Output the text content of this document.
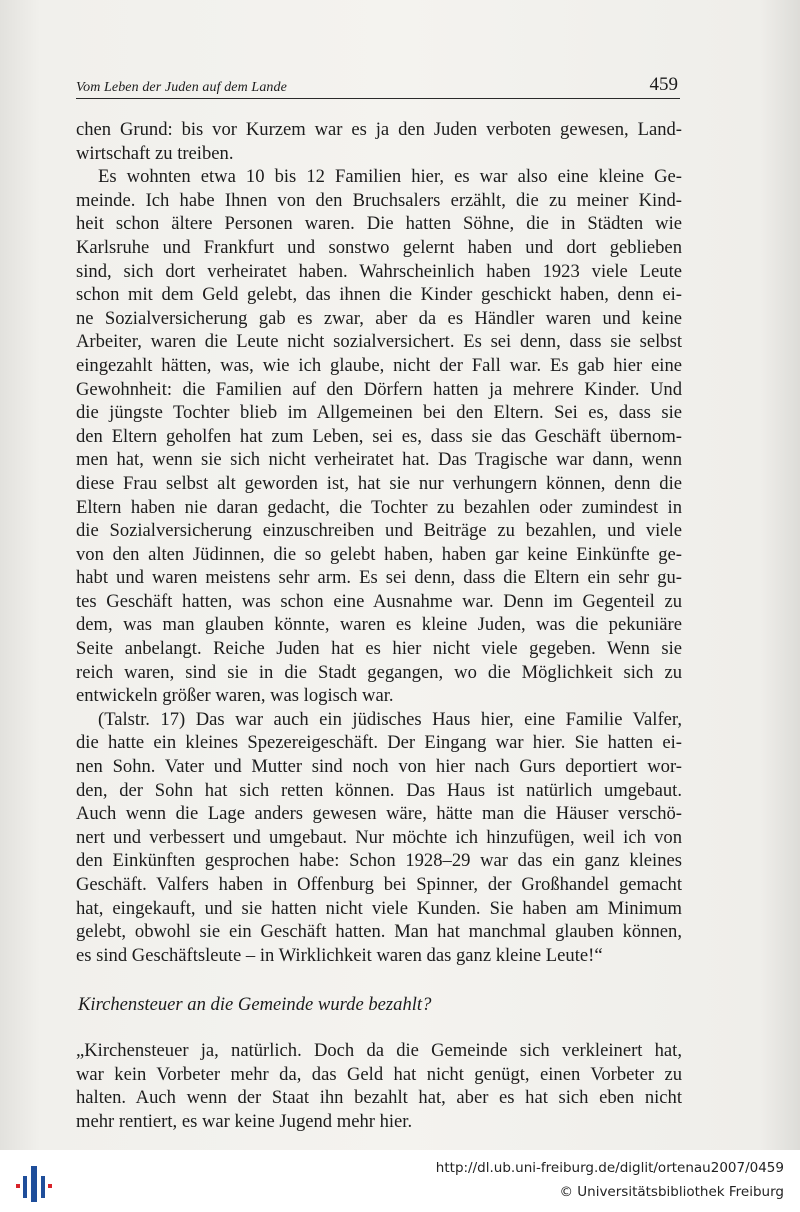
Vom Leben der Juden auf dem Lande	459
chen Grund: bis vor Kurzem war es ja den Juden verboten gewesen, Land-
wirtschaft zu treiben.
Es wohnten etwa 10 bis 12 Familien hier, es war also eine kleine Ge-
meinde. Ich habe Ihnen von den Bruchsalers erzählt, die zu meiner Kind-
heit schon ältere Personen waren. Die hatten Söhne, die in Städten wie
Karlsruhe und Frankfurt und sonstwo gelernt haben und dort geblieben
sind, sich dort verheiratet haben. Wahrscheinlich haben 1923 viele Leute
schon mit dem Geld gelebt, das ihnen die Kinder geschickt haben, denn ei-
ne Sozialversicherung gab es zwar, aber da es Händler waren und keine
Arbeiter, waren die Leute nicht sozialversichert. Es sei denn, dass sie selbst
eingezahlt hätten, was, wie ich glaube, nicht der Fall war. Es gab hier eine
Gewohnheit: die Familien auf den Dörfern hatten ja mehrere Kinder. Und
die jüngste Tochter blieb im Allgemeinen bei den Eltern. Sei es, dass sie
den Eltern geholfen hat zum Leben, sei es, dass sie das Geschäft übernom-
men hat, wenn sie sich nicht verheiratet hat. Das Tragische war dann, wenn
diese Frau selbst alt geworden ist, hat sie nur verhungern können, denn die
Eltern haben nie daran gedacht, die Tochter zu bezahlen oder zumindest in
die Sozialversicherung einzuschreiben und Beiträge zu bezahlen, und viele
von den alten Jüdinnen, die so gelebt haben, haben gar keine Einkünfte ge-
habt und waren meistens sehr arm. Es sei denn, dass die Eltern ein sehr gu-
tes Geschäft hatten, was schon eine Ausnahme war. Denn im Gegenteil zu
dem, was man glauben könnte, waren es kleine Juden, was die pekuniäre
Seite anbelangt. Reiche Juden hat es hier nicht viele gegeben. Wenn sie
reich waren, sind sie in die Stadt gegangen, wo die Möglichkeit sich zu
entwickeln größer waren, was logisch war.
(Talstr. 17) Das war auch ein jüdisches Haus hier, eine Familie Valfer,
die hatte ein kleines Spezereigeschäft. Der Eingang war hier. Sie hatten ei-
nen Sohn. Vater und Mutter sind noch von hier nach Gurs deportiert wor-
den, der Sohn hat sich retten können. Das Haus ist natürlich umgebaut.
Auch wenn die Lage anders gewesen wäre, hätte man die Häuser verschö-
nert und verbessert und umgebaut. Nur möchte ich hinzufügen, weil ich von
den Einkünften gesprochen habe: Schon 1928–29 war das ein ganz kleines
Geschäft. Valfers haben in Offenburg bei Spinner, der Großhandel gemacht
hat, eingekauft, und sie hatten nicht viele Kunden. Sie haben am Minimum
gelebt, obwohl sie ein Geschäft hatten. Man hat manchmal glauben können,
es sind Geschäftsleute – in Wirklichkeit waren das ganz kleine Leute!“
Kirchensteuer an die Gemeinde wurde bezahlt?
„Kirchensteuer ja, natürlich. Doch da die Gemeinde sich verkleinert hat,
war kein Vorbeter mehr da, das Geld hat nicht genügt, einen Vorbeter zu
halten. Auch wenn der Staat ihn bezahlt hat, aber es hat sich eben nicht
mehr rentiert, es war keine Jugend mehr hier.
http://dl.ub.uni-freiburg.de/diglit/ortenau2007/0459
© Universitätsbibliothek Freiburg
